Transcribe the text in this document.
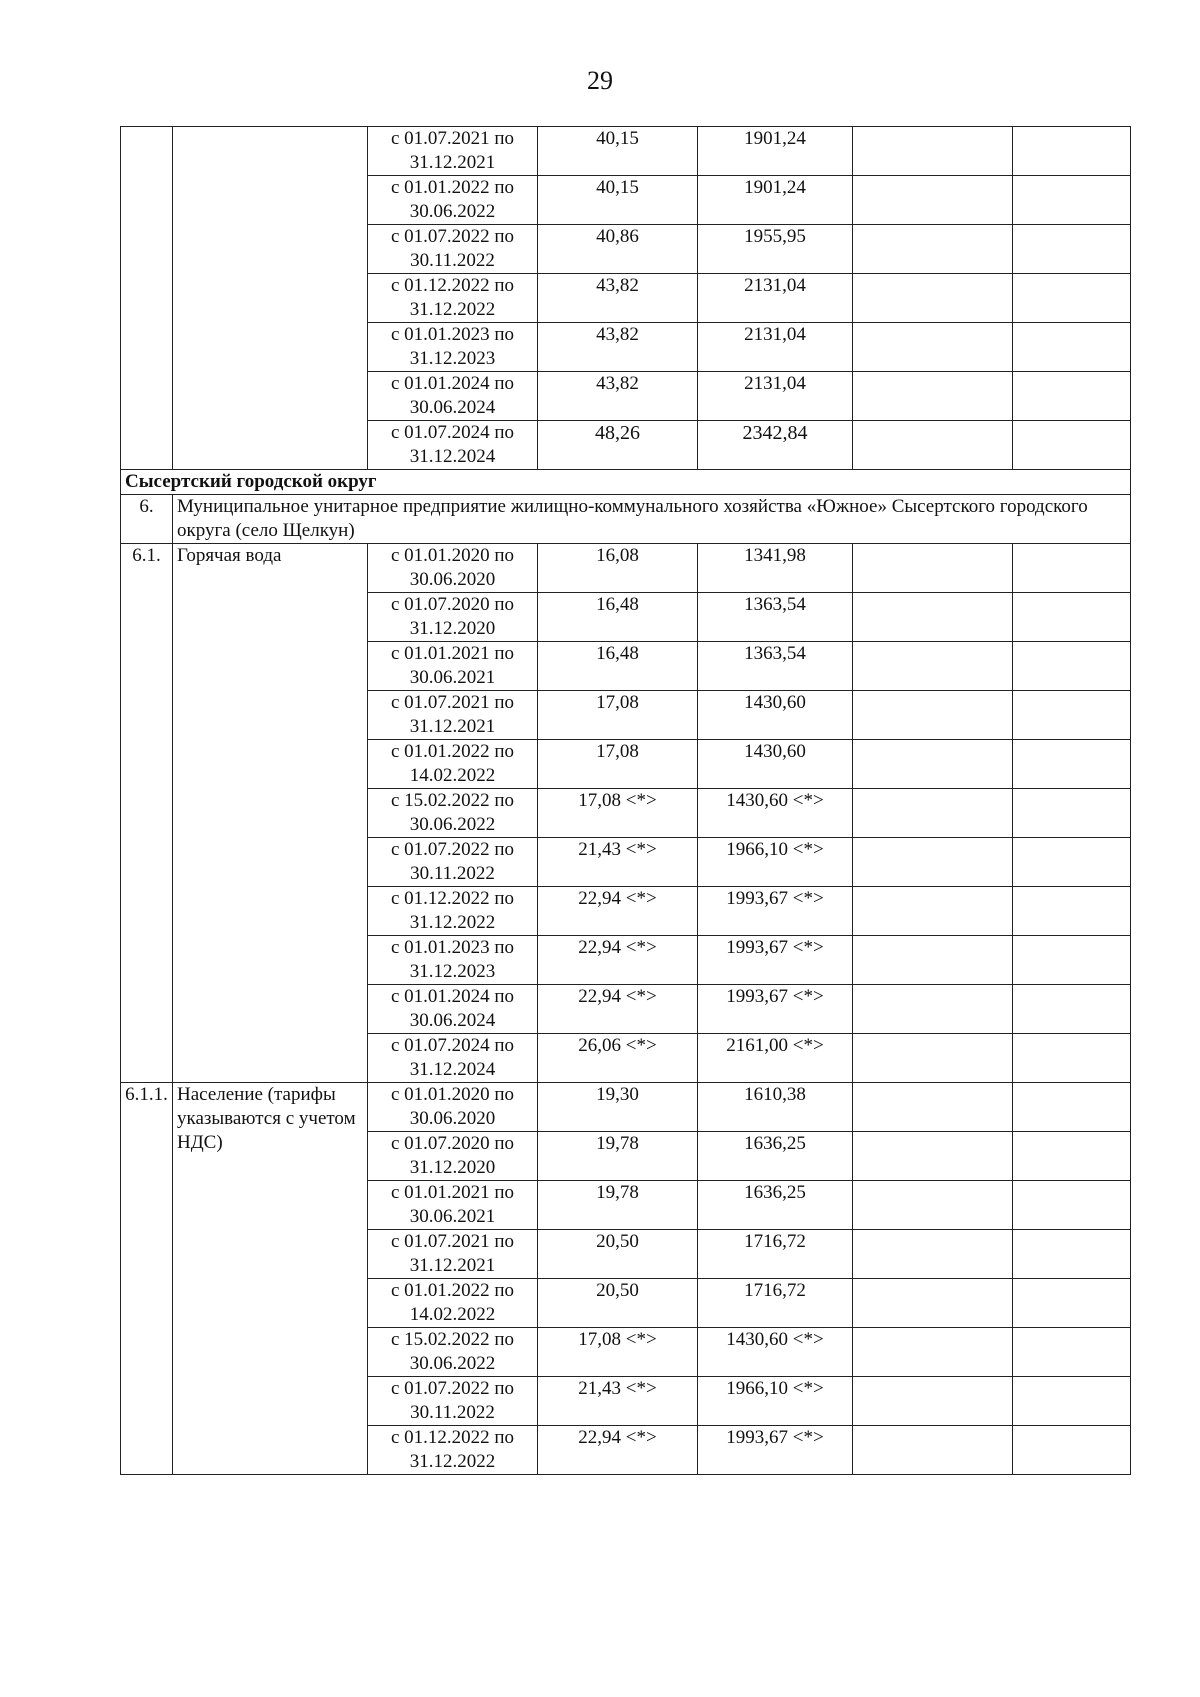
29
		с 01.07.2021 по 31.12.2021	40,15	1901,24		
		с 01.01.2022 по 30.06.2022	40,15	1901,24		
		с 01.07.2022 по 30.11.2022	40,86	1955,95		
		с 01.12.2022 по 31.12.2022	43,82	2131,04		
		с 01.01.2023 по 31.12.2023	43,82	2131,04		
		с 01.01.2024 по 30.06.2024	43,82	2131,04		
		с 01.07.2024 по 31.12.2024	48,26	2342,84		
Сысертский городской округ						
6.	Муниципальное унитарное предприятие жилищно-коммунального хозяйства «Южное» Сысертского городского округа (село Щелкун)					
6.1.	Горячая вода	с 01.01.2020 по 30.06.2020	16,08	1341,98		
		с 01.07.2020 по 31.12.2020	16,48	1363,54		
		с 01.01.2021 по 30.06.2021	16,48	1363,54		
		с 01.07.2021 по 31.12.2021	17,08	1430,60		
		с 01.01.2022 по 14.02.2022	17,08	1430,60		
		с 15.02.2022 по 30.06.2022	17,08 <*>	1430,60 <*>		
		с 01.07.2022 по 30.11.2022	21,43 <*>	1966,10 <*>		
		с 01.12.2022 по 31.12.2022	22,94 <*>	1993,67 <*>		
		с 01.01.2023 по 31.12.2023	22,94 <*>	1993,67 <*>		
		с 01.01.2024 по 30.06.2024	22,94 <*>	1993,67 <*>		
		с 01.07.2024 по 31.12.2024	26,06 <*>	2161,00 <*>		
6.1.1.	Население (тарифы указываются с учетом НДС)	с 01.01.2020 по 30.06.2020	19,30	1610,38		
		с 01.07.2020 по 31.12.2020	19,78	1636,25		
		с 01.01.2021 по 30.06.2021	19,78	1636,25		
		с 01.07.2021 по 31.12.2021	20,50	1716,72		
		с 01.01.2022 по 14.02.2022	20,50	1716,72		
		с 15.02.2022 по 30.06.2022	17,08 <*>	1430,60 <*>		
		с 01.07.2022 по 30.11.2022	21,43 <*>	1966,10 <*>		
		с 01.12.2022 по 31.12.2022	22,94 <*>	1993,67 <*>		
